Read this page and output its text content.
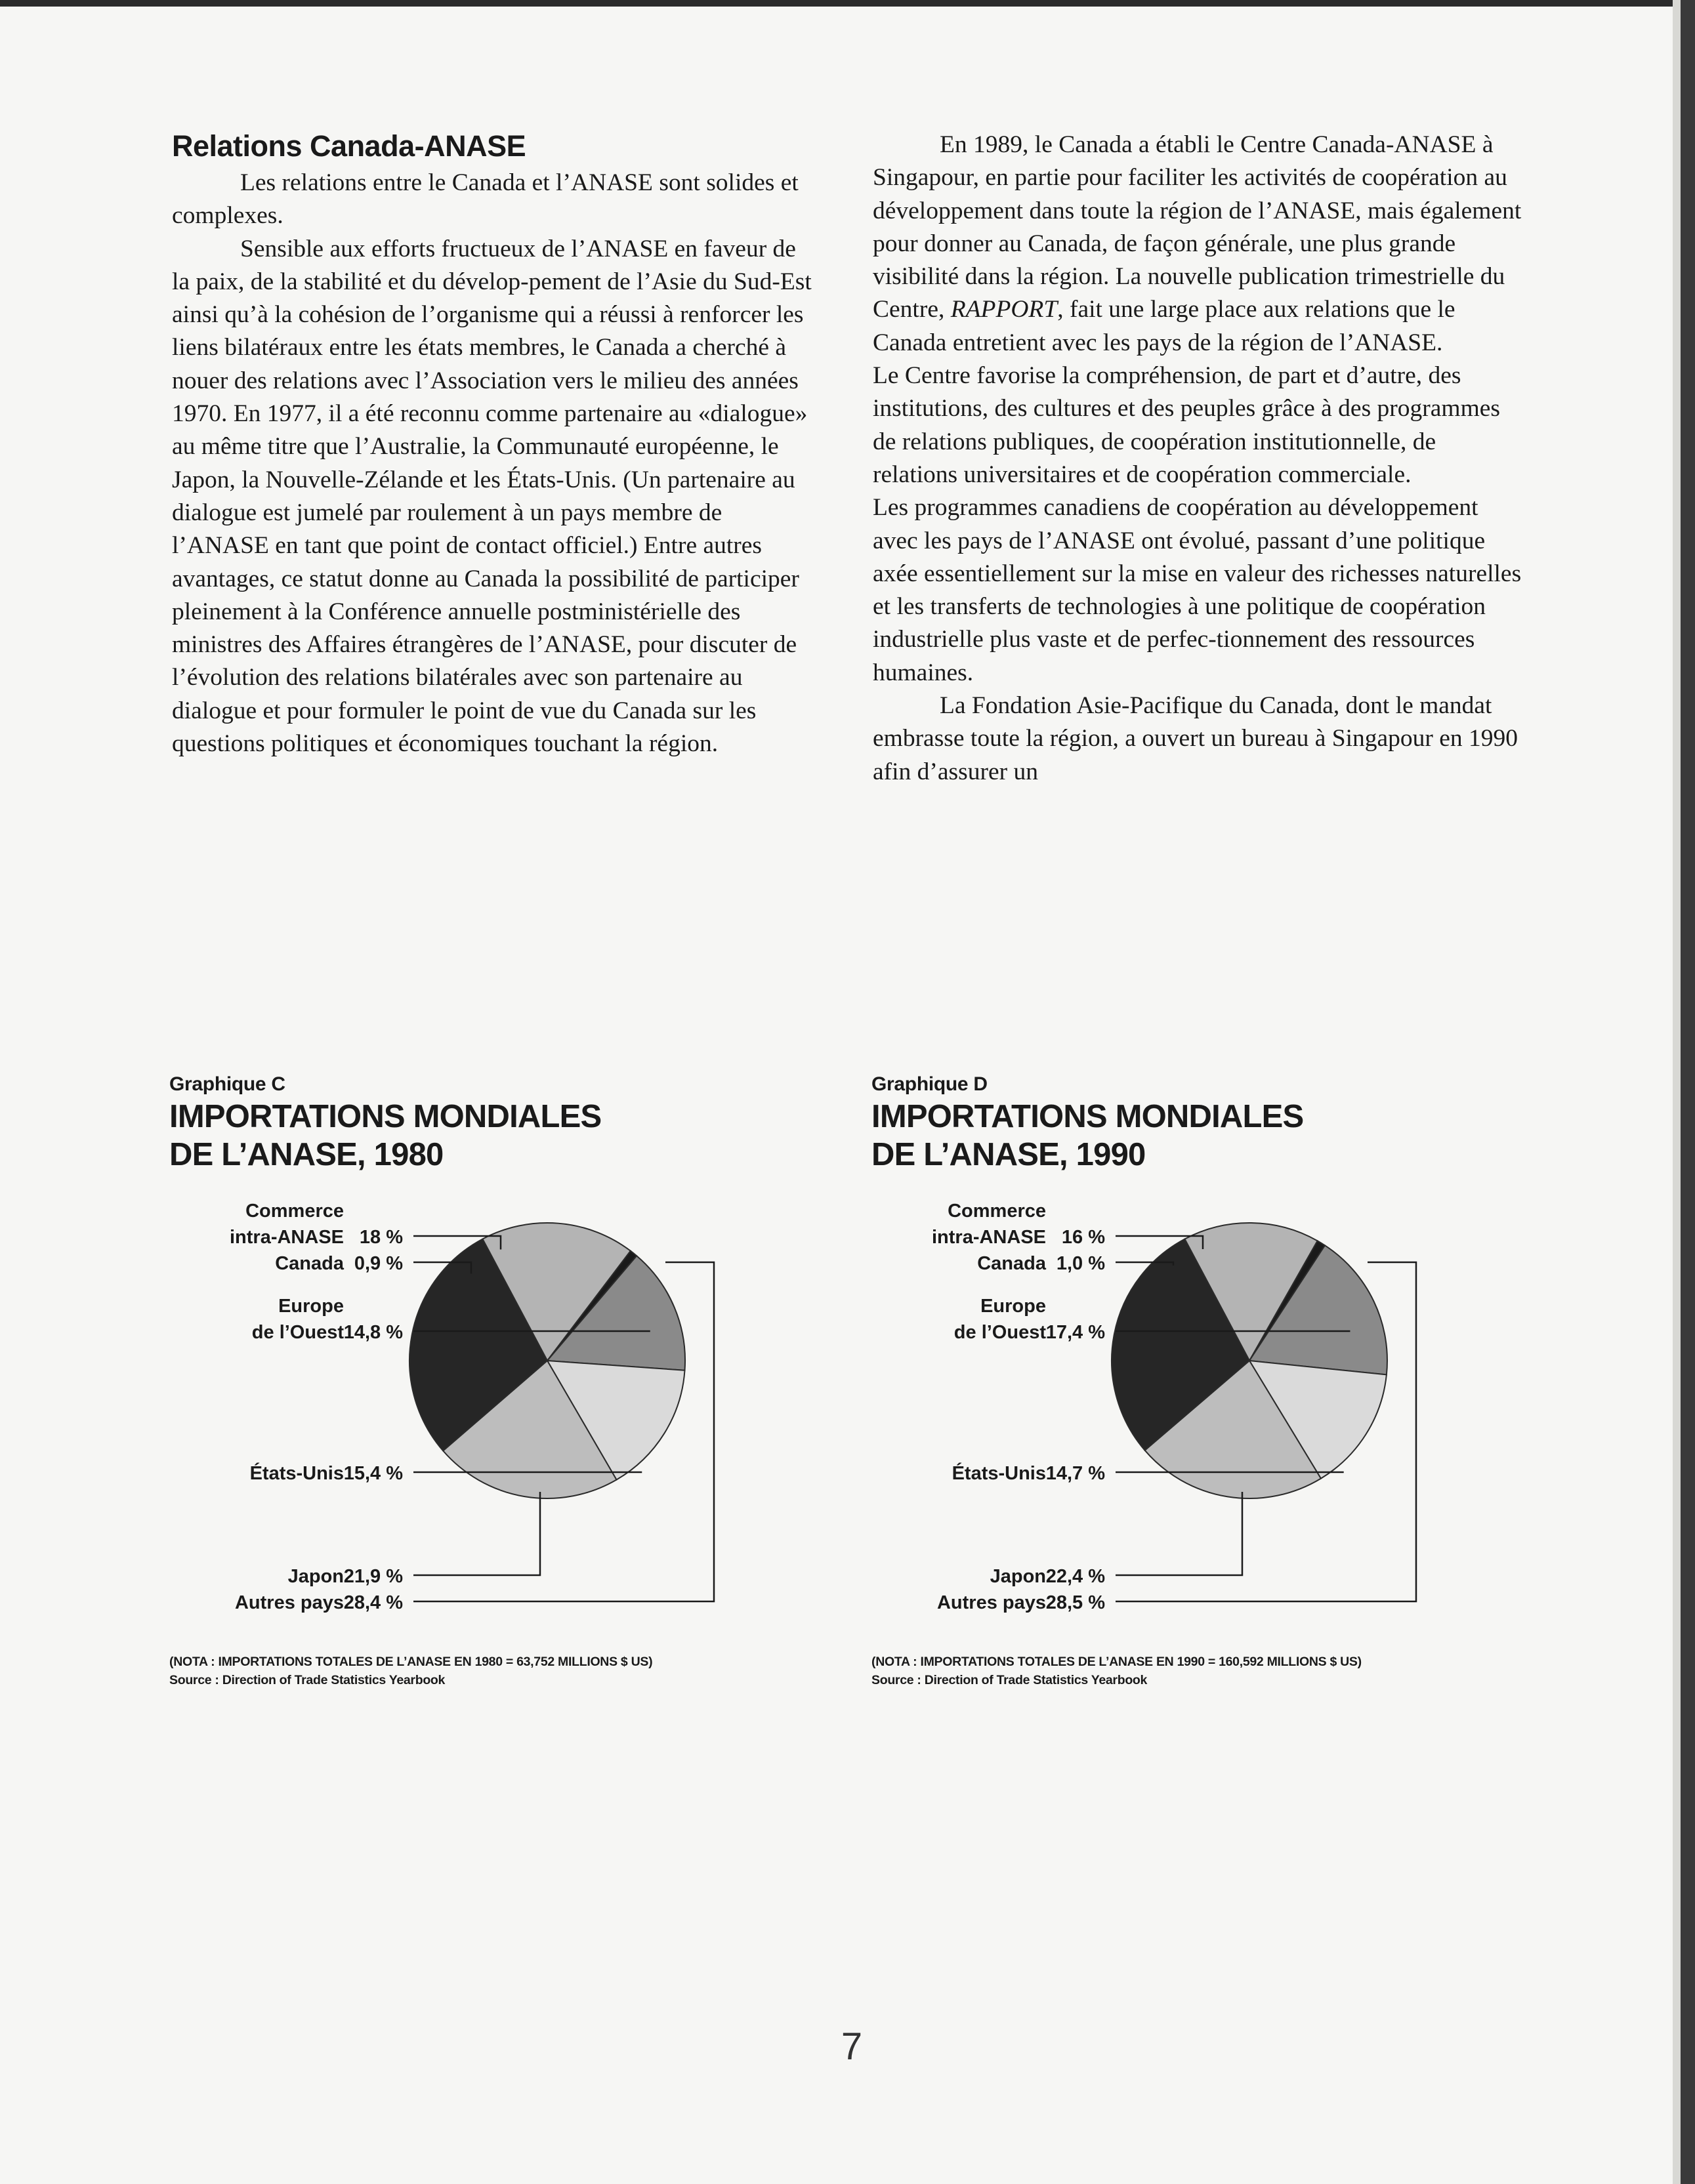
Relations Canada-ANASE

Les relations entre le Canada et l’ANASE sont solides et complexes.

Sensible aux efforts fructueux de l’ANASE en faveur de la paix, de la stabilité et du dévelop-pement de l’Asie du Sud-Est ainsi qu’à la cohésion de l’organisme qui a réussi à renforcer les liens bilatéraux entre les états membres, le Canada a cherché à nouer des relations avec l’Association vers le milieu des années 1970. En 1977, il a été reconnu comme partenaire au «dialogue» au même titre que l’Australie, la Communauté européenne, le Japon, la Nouvelle-Zélande et les États-Unis. (Un partenaire au dialogue est jumelé par roulement à un pays membre de l’ANASE en tant que point de contact officiel.) Entre autres avantages, ce statut donne au Canada la possibilité de participer pleinement à la Conférence annuelle postministérielle des ministres des Affaires étrangères de l’ANASE, pour discuter de l’évolution des relations bilatérales avec son partenaire au dialogue et pour formuler le point de vue du Canada sur les questions politiques et économiques touchant la région.

En 1989, le Canada a établi le Centre Canada-ANASE à Singapour, en partie pour faciliter les activités de coopération au développement dans toute la région de l’ANASE, mais également pour donner au Canada, de façon générale, une plus grande visibilité dans la région. La nouvelle publication trimestrielle du Centre, RAPPORT, fait une large place aux relations que le Canada entretient avec les pays de la région de l’ANASE.

Le Centre favorise la compréhension, de part et d’autre, des institutions, des cultures et des peuples grâce à des programmes de relations publiques, de coopération institutionnelle, de relations universitaires et de coopération commerciale.

Les programmes canadiens de coopération au développement avec les pays de l’ANASE ont évolué, passant d’une politique axée essentiellement sur la mise en valeur des richesses naturelles et les transferts de technologies à une politique de coopération industrielle plus vaste et de perfec-tionnement des ressources humaines.

La Fondation Asie-Pacifique du Canada, dont le mandat embrasse toute la région, a ouvert un bureau à Singapour en 1990 afin d’assurer un

Graphique C

IMPORTATIONS MONDIALES

DE L’ANASE, 1980

Commerce
intra-ANASE 18 %
Canada 0,9 %
Europe
de l’Ouest 14,8 %
États-Unis 15,4 %
Japon 21,9 %
Autres pays 28,4 %

(NOTA : IMPORTATIONS TOTALES DE L’ANASE EN 1980 = 63,752 MILLIONS $ US)

Source : Direction of Trade Statistics Yearbook

Graphique D

IMPORTATIONS MONDIALES

DE L’ANASE, 1990

Commerce
intra-ANASE 16 %
Canada 1,0 %
Europe
de l’Ouest 17,4 %
États-Unis 14,7 %
Japon 22,4 %
Autres pays 28,5 %

(NOTA : IMPORTATIONS TOTALES DE L’ANASE EN 1990 = 160,592 MILLIONS $ US)

Source : Direction of Trade Statistics Yearbook

7
